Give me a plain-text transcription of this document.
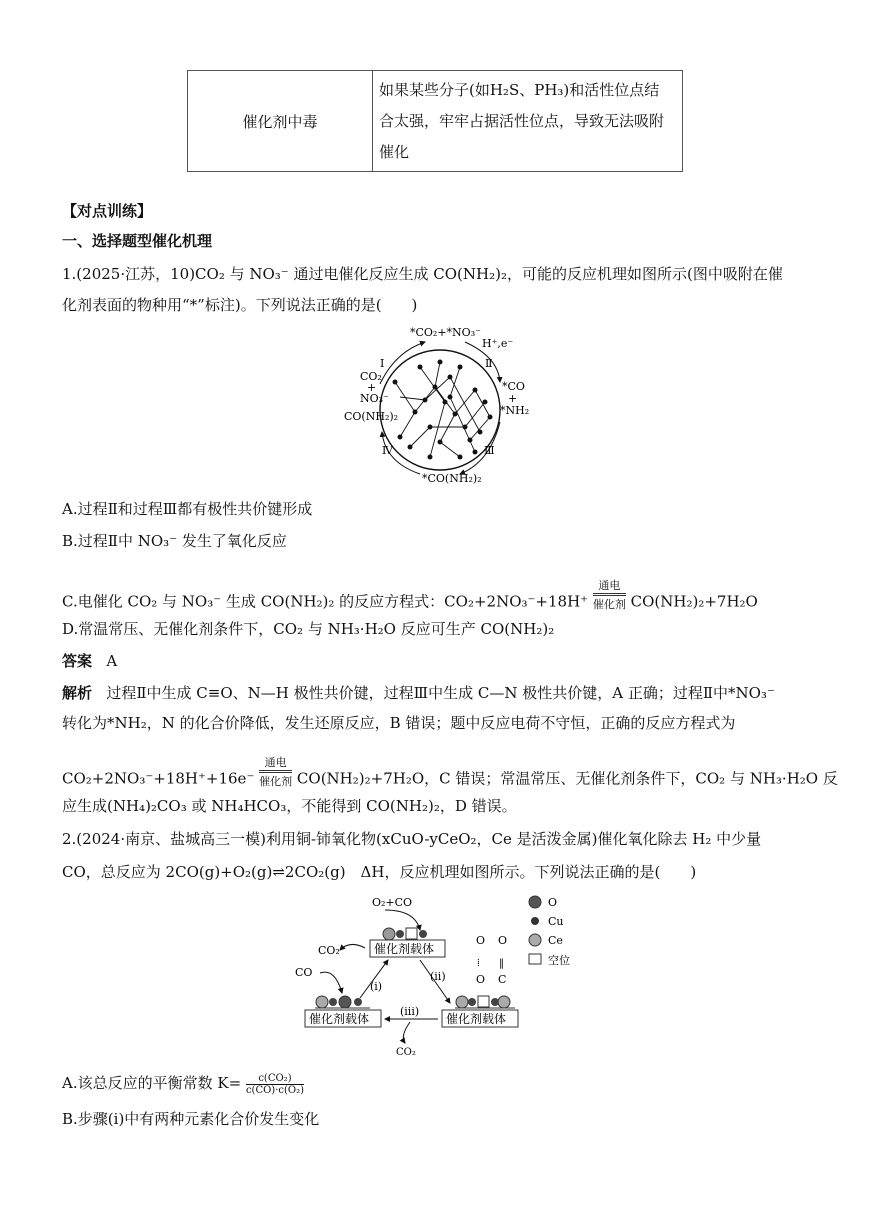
催化剂中毒	
如果某些分子(如H₂S、PH₃)和活性位点结
合太强，牢牢占据活性位点，导致无法吸附
催化
【对点训练】
一、选择题型催化机理
1.(2025·江苏，10)CO₂ 与 NO₃⁻ 通过电催化反应生成 CO(NH₂)₂，可能的反应机理如图所示(图中吸附在催
化剂表面的物种用“*”标注)。下列说法正确的是(　　)
*CO₂+*NO₃⁻
H⁺,e⁻
CO₂
+
NO₃⁻
CO(NH₂)₂
*CO
+
*NH₂
*CO(NH₂)₂
Ⅰ	Ⅱ
Ⅲ
Ⅳ
A.过程Ⅱ和过程Ⅲ都有极性共价键形成
B.过程Ⅱ中 NO₃⁻ 发生了氧化反应
C.电催化 CO₂ 与 NO₃⁻ 生成 CO(NH₂)₂ 的反应方程式：CO₂+2NO₃⁻+18H⁺
通电
催化剂 CO(NH₂)₂+7H₂O
D.常温常压、无催化剂条件下，CO₂ 与 NH₃·H₂O 反应可生产 CO(NH₂)₂
答案 A
解析 过程Ⅱ中生成 C≡O、N—H 极性共价键，过程Ⅲ中生成 C—N 极性共价键，A 正确；过程Ⅱ中*NO₃⁻
转化为*NH₂，N 的化合价降低，发生还原反应，B 错误；题中反应电荷不守恒，正确的反应方程式为
CO₂+2NO₃⁻+18H⁺+16e⁻
通电
催化剂 CO(NH₂)₂+7H₂O，C 错误；常温常压、无催化剂条件下，CO₂ 与 NH₃·H₂O 反
应生成(NH₄)₂CO₃ 或 NH₄HCO₃，不能得到 CO(NH₂)₂，D 错误。
2.(2024·南京、盐城高三一模)利用铜-铈氧化物(xCuO-yCeO₂，Ce 是活泼金属)催化氧化除去 H₂ 中少量
CO，总反应为 2CO(g)+O₂(g)⇌2CO₂(g)　ΔH，反应机理如图所示。下列说法正确的是(　　)
O₂+CO
催化剂载体
O
Cu
Ce
空位
CO₂
CO
(i)
(ii)
催化剂载体
O
⁞
O
O
‖
C
催化剂载体
(iii)
CO₂
A.该总反应的平衡常数 $K= \frac{\text{c(CO₂)}}{\text{c(CO)·c(O₂)}}$
B.步骤(i)中有两种元素化合价发生变化
